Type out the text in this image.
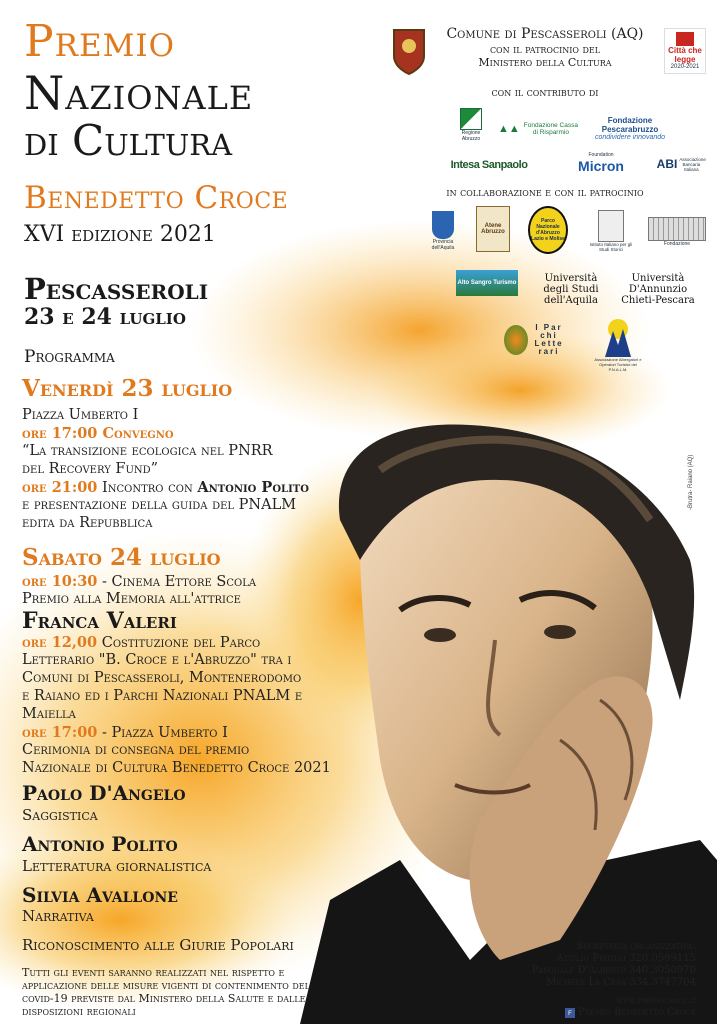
Premio
Nazionale
di Cultura
Benedetto Croce
XVI edizione 2021
Pescasseroli
23 e 24 luglio
Programma
Venerdì 23 luglio
Piazza Umberto I
ore 17:00 Convegno
“La transizione ecologica nel PNRR
del Recovery Fund”
ore 21:00 Incontro con Antonio Polito
e presentazione della guida del PNALM
edita da Repubblica
Sabato 24 luglio
ore 10:30 - Cinema Ettore Scola
Premio alla Memoria all'attrice
Franca Valeri
ore 12,00 Costituzione del Parco
Letterario "B. Croce e l'Abruzzo" tra i
Comuni di Pescasseroli, Montenerodomo
e Raiano ed i Parchi Nazionali PNALM e
Maiella
ore 17:00 - Piazza Umberto I
Cerimonia di consegna del premio
Nazionale di Cultura Benedetto Croce 2021
Paolo D'Angelo
Saggistica
Antonio Polito
Letteratura giornalistica
Silvia Avallone
Narrativa
Riconoscimento alle Giurie Popolari
Tutti gli eventi saranno realizzati nel rispetto e
applicazione delle misure vigenti di contenimento del
covid-19 previste dal Ministero della Salute e dalle
disposizioni regionali
Comune di Pescasseroli (AQ)
con il patrocinio del
Ministero della Cultura
Città che legge
2020-2021
con il contributo di
Regione Abruzzo
▲▲ Fondazione Cassa di Risparmio
Fondazione Pescarabruzzo
condividere innovando
Intesa Sanpaolo
Foundation
Micron	ABI Associazione Bancaria Italiana
in collaborazione e con il patrocinio
Provincia dell'Aquila
Atene Abruzzo
Parco Nazionale d'Abruzzo Lazio e Molise
Istituto Italiano per gli Studi Storici
Fondazione
Alto Sangro Turismo	Università
degli Studi
dell'Aquila
Università
D'Annunzio
Chieti-Pescara
I Par
chi
Lette
rari
Associazione Albergatori e Operatori Turistici del P.N.A.L.M.
-Brutra- Raiano (AQ)
Segreteria organizzativa:
Attilio Pistilli 320.0599115
Pasquale D'Alberto 340.3050970
Michele La Cesa 334.3747704
www.premiocroce.it
f Premio Benedetto Croce
